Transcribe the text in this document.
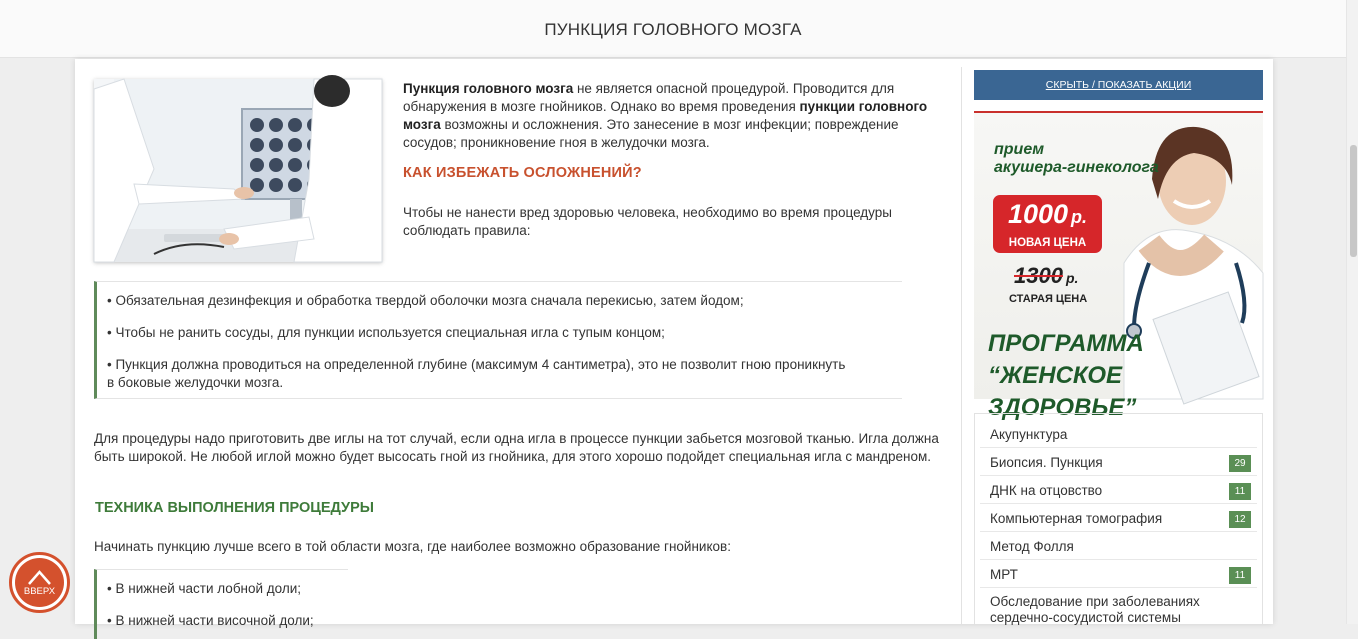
ПУНКЦИЯ ГОЛОВНОГО МОЗГА
Пункция головного мозга не является опасной процедурой. Проводится для обнаружения в мозге гнойников. Однако во время проведения пункции головного мозга возможны и осложнения. Это занесение в мозг инфекции; повреждение сосудов; проникновение гноя в желудочки мозга.
КАК ИЗБЕЖАТЬ ОСЛОЖНЕНИЙ?
Чтобы не нанести вред здоровью человека, необходимо во время процедуры соблюдать правила:
• Обязательная дезинфекция и обработка твердой оболочки мозга сначала перекисью, затем йодом;
• Чтобы не ранить сосуды, для пункции используется специальная игла с тупым концом;
• Пункция должна проводиться на определенной глубине (максимум 4 сантиметра), это не позволит гною проникнуть в боковые желудочки мозга.
Для процедуры надо приготовить две иглы на тот случай, если одна игла в процессе пункции забьется мозговой тканью. Игла должна быть широкой. Не любой иглой можно будет высосать гной из гнойника, для этого хорошо подойдет специальная игла с мандреном.
ТЕХНИКА ВЫПОЛНЕНИЯ ПРОЦЕДУРЫ
Начинать пункцию лучше всего в той области мозга, где наиболее возможно образование гнойников:
• В нижней части лобной доли;
• В нижней части височной доли;
СКРЫТЬ / ПОКАЗАТЬ АКЦИИ
прием
акушера-гинеколога
1000 р.
НОВАЯ ЦЕНА
1300 р.
СТАРАЯ ЦЕНА
ПРОГРАММА
“ЖЕНСКОЕ ЗДОРОВЬЕ”
Акупунктура
Биопсия. Пункция	29
ДНК на отцовство	11
Компьютерная томография	12
Метод Фолля
МРТ	11
Обследование при заболеваниях сердечно-сосудистой системы
ВВЕРХ
